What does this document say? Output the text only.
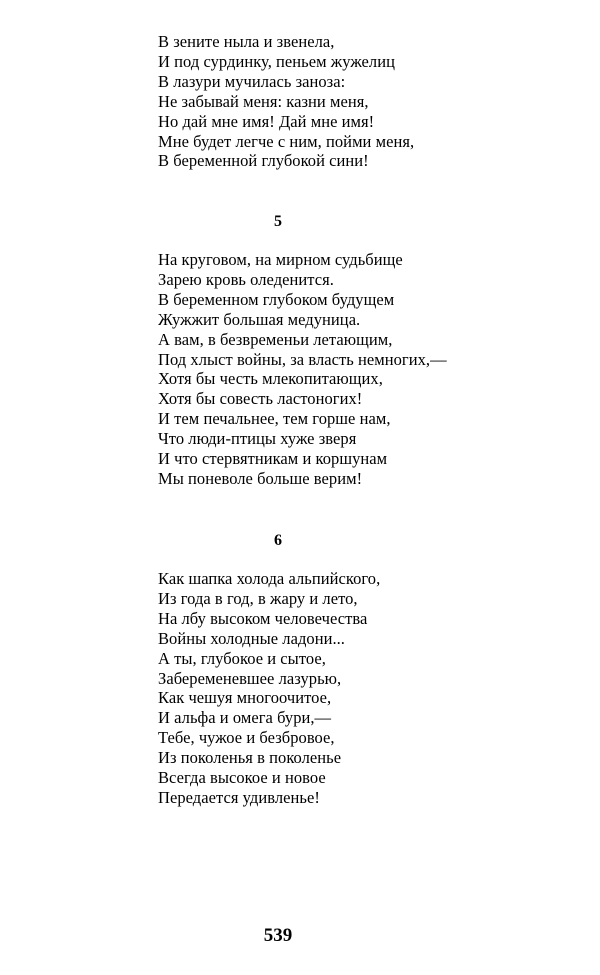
В зените ныла и звенела,
И под сурдинку, пеньем жужелиц
В лазури мучилась заноза:
Не забывай меня: казни меня,
Но дай мне имя! Дай мне имя!
Мне будет легче с ним, пойми меня,
В беременной глубокой сини!
5
На круговом, на мирном судьбище
Зарею кровь оледенится.
В беременном глубоком будущем
Жужжит большая медуница.
А вам, в безвременьи летающим,
Под хлыст войны, за власть немногих,—
Хотя бы честь млекопитающих,
Хотя бы совесть ластоногих!
И тем печальнее, тем горше нам,
Что люди-птицы хуже зверя
И что стервятникам и коршунам
Мы поневоле больше верим!
6
Как шапка холода альпийского,
Из года в год, в жару и лето,
На лбу высоком человечества
Войны холодные ладони...
А ты, глубокое и сытое,
Забеременевшее лазурью,
Как чешуя многоочитое,
И альфа и омега бури,—
Тебе, чужое и безбровое,
Из поколенья в поколенье
Всегда высокое и новое
Передается удивленье!
539
